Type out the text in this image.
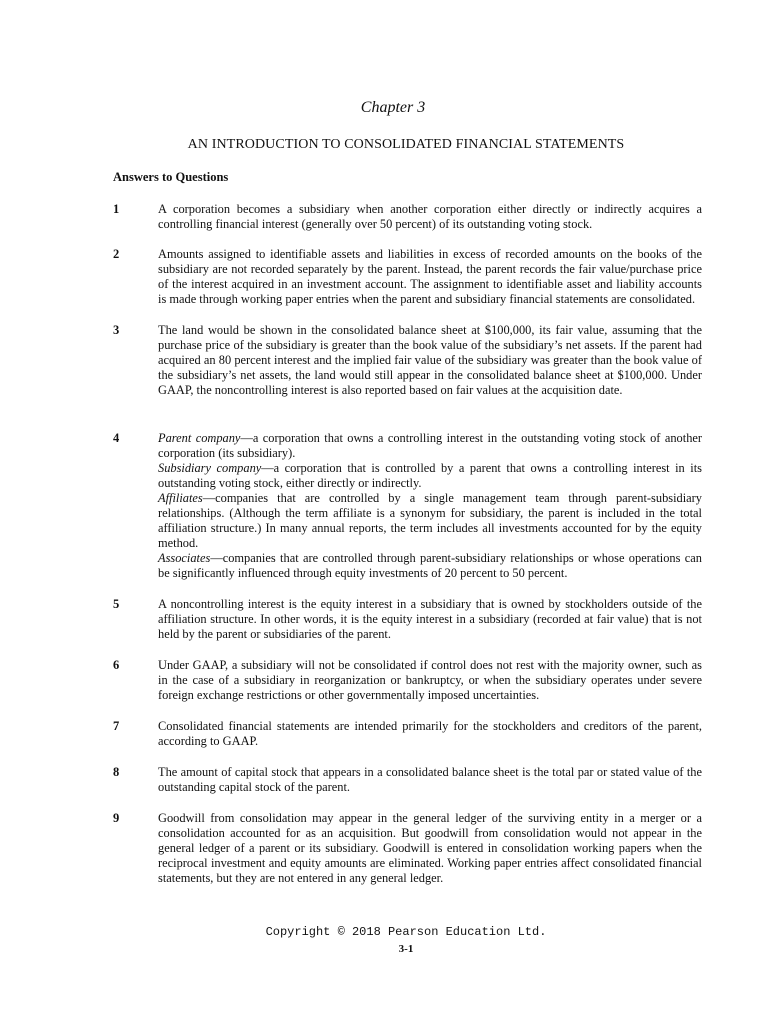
Chapter 3
AN INTRODUCTION TO CONSOLIDATED FINANCIAL STATEMENTS
Answers to Questions
1	A corporation becomes a subsidiary when another corporation either directly or indirectly acquires a controlling financial interest (generally over 50 percent) of its outstanding voting stock.
2	Amounts assigned to identifiable assets and liabilities in excess of recorded amounts on the books of the subsidiary are not recorded separately by the parent. Instead, the parent records the fair value/purchase price of the interest acquired in an investment account. The assignment to identifiable asset and liability accounts is made through working paper entries when the parent and subsidiary financial statements are consolidated.
3	The land would be shown in the consolidated balance sheet at $100,000, its fair value, assuming that the purchase price of the subsidiary is greater than the book value of the subsidiary’s net assets. If the parent had acquired an 80 percent interest and the implied fair value of the subsidiary was greater than the book value of the subsidiary’s net assets, the land would still appear in the consolidated balance sheet at $100,000. Under GAAP, the noncontrolling interest is also reported based on fair values at the acquisition date.
4	Parent company—a corporation that owns a controlling interest in the outstanding voting stock of another corporation (its subsidiary).

Subsidiary company—a corporation that is controlled by a parent that owns a controlling interest in its outstanding voting stock, either directly or indirectly.

Affiliates—companies that are controlled by a single management team through parent-subsidiary relationships. (Although the term affiliate is a synonym for subsidiary, the parent is included in the total affiliation structure.) In many annual reports, the term includes all investments accounted for by the equity method.

Associates—companies that are controlled through parent-subsidiary relationships or whose operations can be significantly influenced through equity investments of 20 percent to 50 percent.

5	A noncontrolling interest is the equity interest in a subsidiary that is owned by stockholders outside of the affiliation structure. In other words, it is the equity interest in a subsidiary (recorded at fair value) that is not held by the parent or subsidiaries of the parent.
6	Under GAAP, a subsidiary will not be consolidated if control does not rest with the majority owner, such as in the case of a subsidiary in reorganization or bankruptcy, or when the subsidiary operates under severe foreign exchange restrictions or other governmentally imposed uncertainties.
7	Consolidated financial statements are intended primarily for the stockholders and creditors of the parent, according to GAAP.
8	The amount of capital stock that appears in a consolidated balance sheet is the total par or stated value of the outstanding capital stock of the parent.
9	Goodwill from consolidation may appear in the general ledger of the surviving entity in a merger or a consolidation accounted for as an acquisition. But goodwill from consolidation would not appear in the general ledger of a parent or its subsidiary. Goodwill is entered in consolidation working papers when the reciprocal investment and equity amounts are eliminated. Working paper entries affect consolidated financial statements, but they are not entered in any general ledger.
Copyright © 2018 Pearson Education Ltd.
3-1
